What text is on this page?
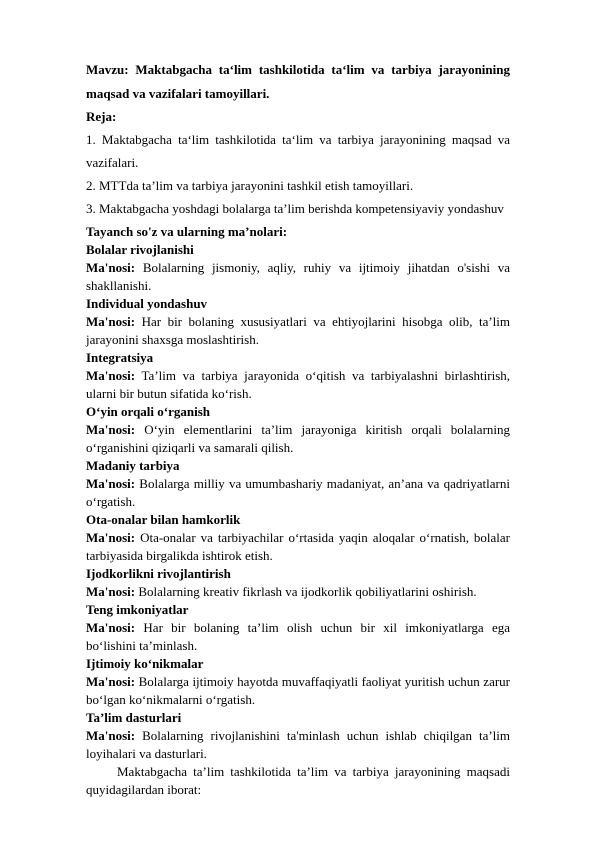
Mavzu: Maktabgacha ta‘lim tashkilotida ta‘lim va tarbiya jarayonining
maqsad va vazifalari tamoyillari.
Reja:
1. Maktabgacha ta‘lim tashkilotida ta‘lim va tarbiya jarayonining maqsad va
vazifalari.
2. MTTda ta’lim va tarbiya jarayonini tashkil etish tamoyillari.
3. Maktabgacha yoshdagi bolalarga ta’lim berishda kompetensiyaviy yondashuv
Tayanch so'z va ularning ma’nolari:
Bolalar rivojlanishi
Ma'nosi: Bolalarning jismoniy, aqliy, ruhiy va ijtimoiy jihatdan o'sishi va shakllanishi.
Individual yondashuv
Ma'nosi: Har bir bolaning xususiyatlari va ehtiyojlarini hisobga olib, ta’lim jarayonini shaxsga moslashtirish.
Integratsiya
Ma'nosi: Ta’lim va tarbiya jarayonida o‘qitish va tarbiyalashni birlashtirish, ularni bir butun sifatida ko‘rish.
O‘yin orqali o‘rganish
Ma'nosi: O‘yin elementlarini ta’lim jarayoniga kiritish orqali bolalarning o‘rganishini qiziqarli va samarali qilish.
Madaniy tarbiya
Ma'nosi: Bolalarga milliy va umumbashariy madaniyat, an’ana va qadriyatlarni o‘rgatish.
Ota-onalar bilan hamkorlik
Ma'nosi: Ota-onalar va tarbiyachilar o‘rtasida yaqin aloqalar o‘rnatish, bolalar tarbiyasida birgalikda ishtirok etish.
Ijodkorlikni rivojlantirish
Ma'nosi: Bolalarning kreativ fikrlash va ijodkorlik qobiliyatlarini oshirish.
Teng imkoniyatlar
Ma'nosi: Har bir bolaning ta’lim olish uchun bir xil imkoniyatlarga ega bo‘lishini ta’minlash.
Ijtimoiy ko‘nikmalar
Ma'nosi: Bolalarga ijtimoiy hayotda muvaffaqiyatli faoliyat yuritish uchun zarur bo‘lgan ko‘nikmalarni o‘rgatish.
Ta’lim dasturlari
Ma'nosi: Bolalarning rivojlanishini ta'minlash uchun ishlab chiqilgan ta’lim loyihalari va dasturlari.
Maktabgacha ta’lim tashkilotida ta’lim va tarbiya jarayonining maqsadi quyidagilardan iborat:
